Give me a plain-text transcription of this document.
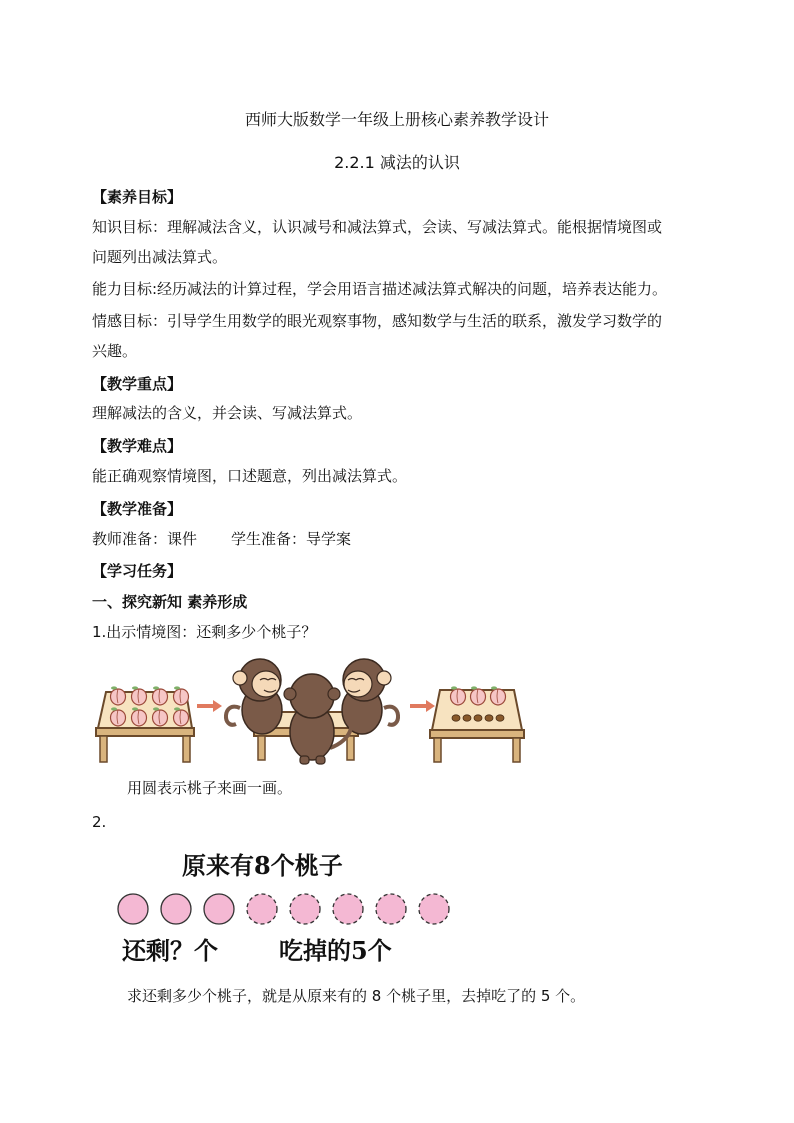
西师大版数学一年级上册核心素养教学设计
2.2.1 减法的认识
【素养目标】
知识目标：理解减法含义，认识减号和减法算式，会读、写减法算式。能根据情境图或
问题列出减法算式。
能力目标:经历减法的计算过程，学会用语言描述减法算式解决的问题，培养表达能力。
情感目标：引导学生用数学的眼光观察事物，感知数学与生活的联系，激发学习数学的
兴趣。
【教学重点】
理解减法的含义，并会读、写减法算式。
【教学难点】
能正确观察情境图，口述题意，列出减法算式。
【教学准备】
教师准备：课件 学生准备：导学案
【学习任务】
一、探究新知 素养形成
1.出示情境图：还剩多少个桃子？
用圆表示桃子来画一画。
2.
原来有8个桃子
还剩？个	吃掉的5个
求还剩多少个桃子，就是从原来有的 8 个桃子里，去掉吃了的 5 个。
